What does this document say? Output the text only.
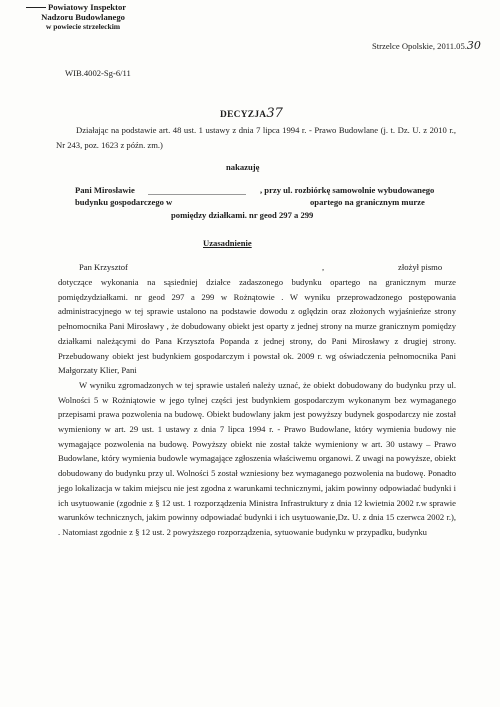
Powiatowy Inspektor
Nadzoru Budowlanego
w powiecie strzeleckim
Strzelce Opolskie, 2011.05.30
WIB.4002-Sg-6/11
DECYZJA37
Działając na podstawie art. 48 ust. 1 ustawy z dnia 7 lipca 1994 r. - Prawo Budowlane (j. t. Dz. U. z 2010 r., Nr 243, poz. 1623 z późn. zm.)
nakazuję
Pani Mirosławie	, przy ul. rozbiórkę samowolnie wybudowanego
budynku gospodarczego w	opartego na granicznym murze
pomiędzy działkami. nr geod 297 a 299
Uzasadnienie
Pan Krzysztof	,	złożył pismo

dotyczące wykonania na sąsiedniej działce zadaszonego budynku opartego na granicznym murze pomiędzydziałkami. nr geod 297 a 299 w Rożnątowie . W wyniku przeprowadzonego postępowania administracyjnego w tej sprawie ustalono na podstawie dowodu z oględzin oraz złożonych wyjaśnieńze strony pełnomocnika Pani Mirosławy , że dobudowany obiekt jest oparty z jednej strony na murze granicznym pomiędzy działkami należącymi do Pana Krzysztofa Popanda z jednej strony, do Pani Mirosławy z drugiej strony. Przebudowany obiekt jest budynkiem gospodarczym i powstał ok. 2009 r. wg oświadczenia pełnomocnika Pani Małgorzaty Klier, Pani

W wyniku zgromadzonych w tej sprawie ustaleń należy uznać, że obiekt dobudowany do budynku przy ul. Wolności 5 w Rożniątowie w jego tylnej części jest budynkiem gospodarczym wykonanym bez wymaganego przepisami prawa pozwolenia na budowę. Obiekt budowlany jakm jest powyższy budynek gospodarczy nie został wymieniony w art. 29 ust. 1 ustawy z dnia 7 lipca 1994 r. - Prawo Budowlane, który wymienia budowy nie wymagające pozwolenia na budowę. Powyższy obiekt nie został także wymieniony w art. 30 ustawy – Prawo Budowlane, który wymienia budowle wymagające zgłoszenia właściwemu organowi. Z uwagi na powyższe, obiekt dobudowany do budynku przy ul. Wolności 5 został wzniesiony bez wymaganego pozwolenia na budowę. Ponadto jego lokalizacja w takim miejscu nie jest zgodna z warunkami technicznymi, jakim powinny odpowiadać budynki i ich usytuowanie (zgodnie z § 12 ust. 1 rozporządzenia Ministra Infrastruktury z dnia 12 kwietnia 2002 r.w sprawie warunków technicznych, jakim powinny odpowiadać budynki i ich usytuowanie,Dz. U. z dnia 15 czerwca 2002 r.), . Natomiast zgodnie z § 12 ust. 2 powyższego rozporządzenia, sytuowanie budynku w przypadku, budynku
